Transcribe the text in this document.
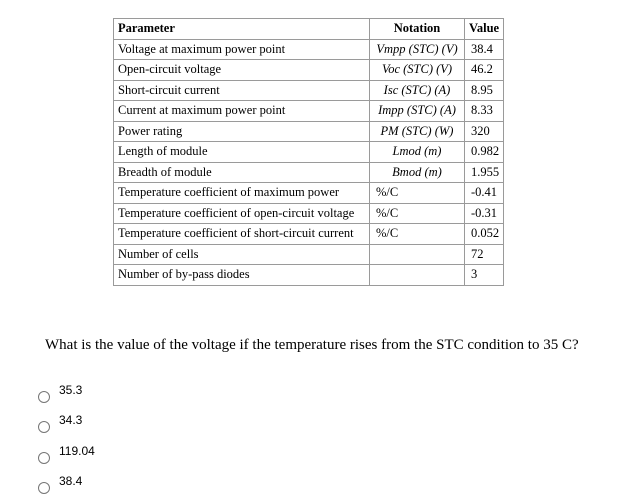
Parameter	Notation	Value
Voltage at maximum power point	Vmpp (STC) (V)	38.4
Open-circuit voltage	Voc (STC) (V)	46.2
Short-circuit current	Isc (STC) (A)	8.95
Current at maximum power point	Impp (STC) (A)	8.33
Power rating	PM (STC) (W)	320
Length of module	Lmod (m)	0.982
Breadth of module	Bmod (m)	1.955
Temperature coefficient of maximum power	%/C	-0.41
Temperature coefficient of open-circuit voltage	%/C	-0.31
Temperature coefficient of short-circuit current	%/C	0.052
Number of cells		72
Number of by-pass diodes		3
What is the value of the voltage if the temperature rises from the STC condition to 35 C?
35.3
34.3
119.04
38.4
